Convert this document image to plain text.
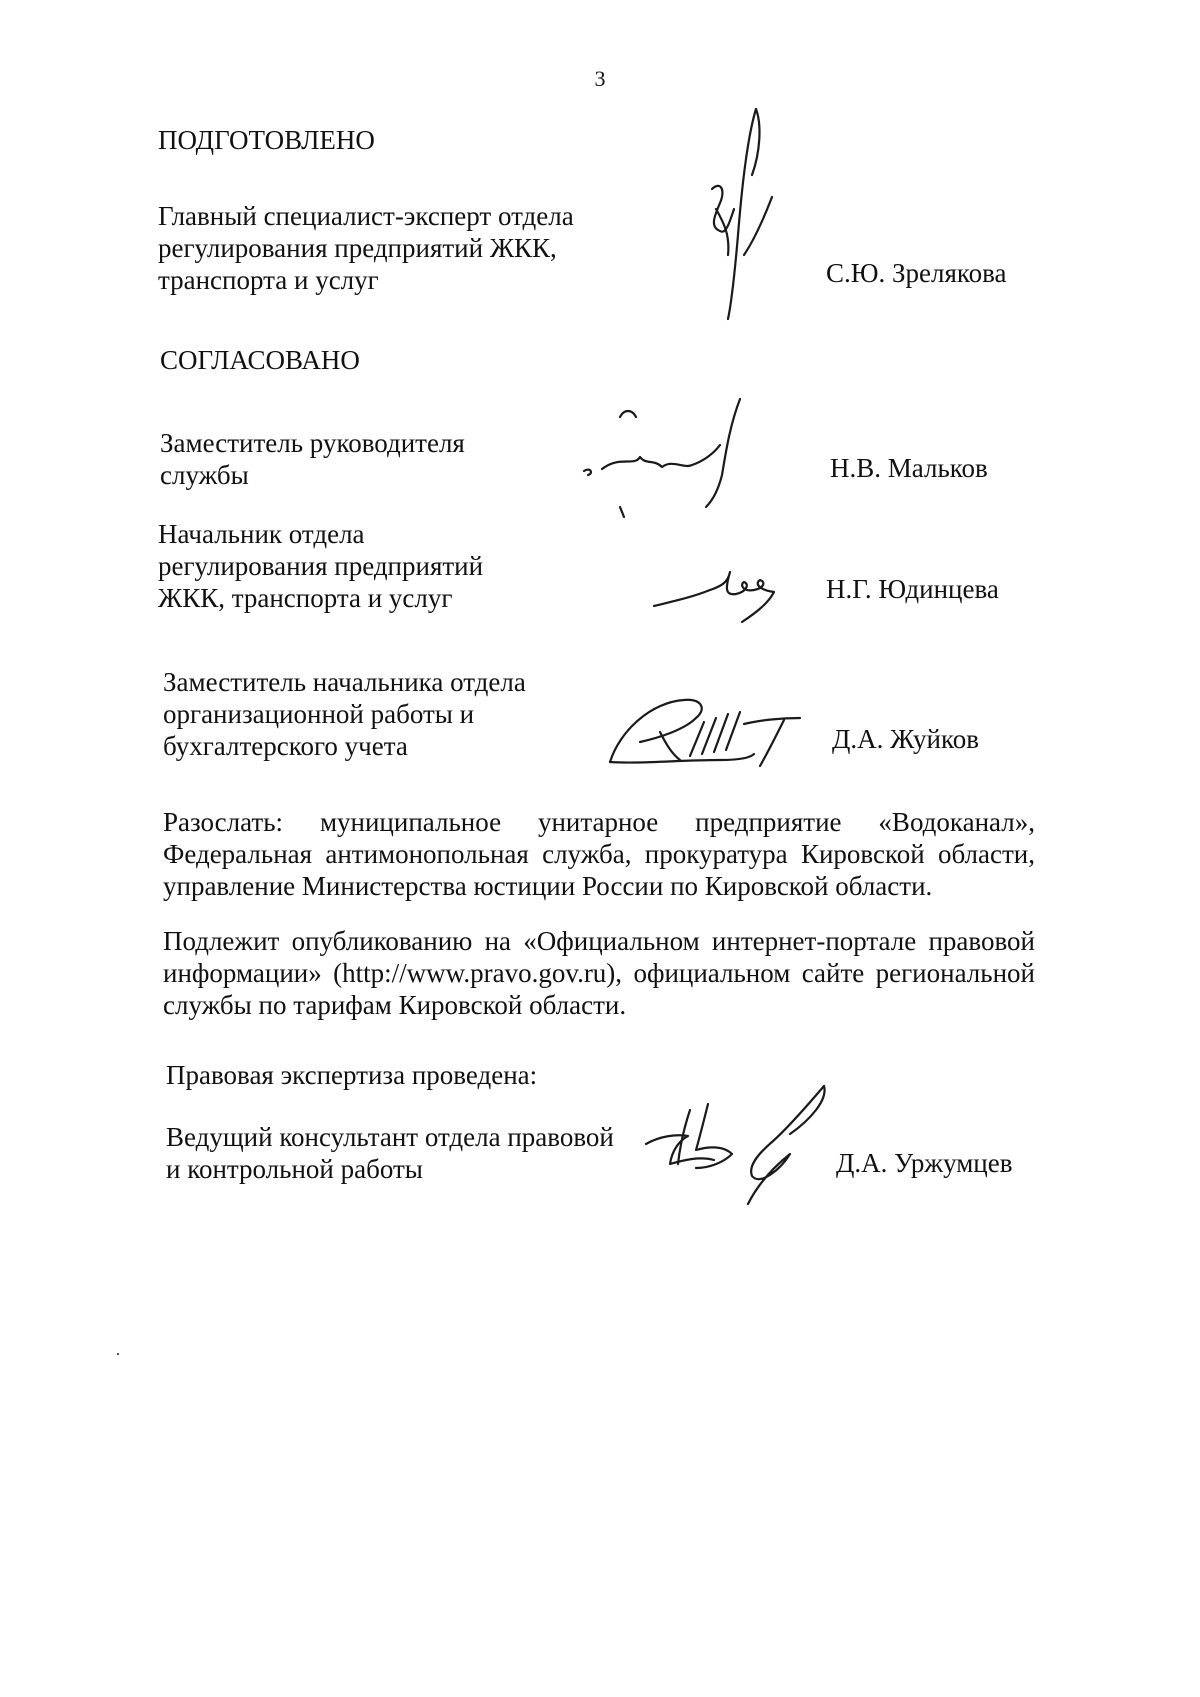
3
ПОДГОТОВЛЕНО
Главный специалист-эксперт отдела
регулирования предприятий ЖКК,
транспорта и услуг	С.Ю. Зрелякова
СОГЛАСОВАНО
Заместитель руководителя
службы	Н.В. Мальков
Начальник отдела
регулирования предприятий
ЖКК, транспорта и услуг	Н.Г. Юдинцева
Заместитель начальника отдела
организационной работы и
бухгалтерского учета	Д.А. Жуйков
Разослать: муниципальное унитарное предприятие «Водоканал»,
Федеральная антимонопольная служба, прокуратура Кировской области,
управление Министерства юстиции России по Кировской области.
Подлежит опубликованию на «Официальном интернет-портале правовой
информации» (http://www.pravo.gov.ru), официальном сайте региональной
службы по тарифам Кировской области.
Правовая экспертиза проведена:
Ведущий консультант отдела правовой
и контрольной работы	Д.А. Уржумцев
